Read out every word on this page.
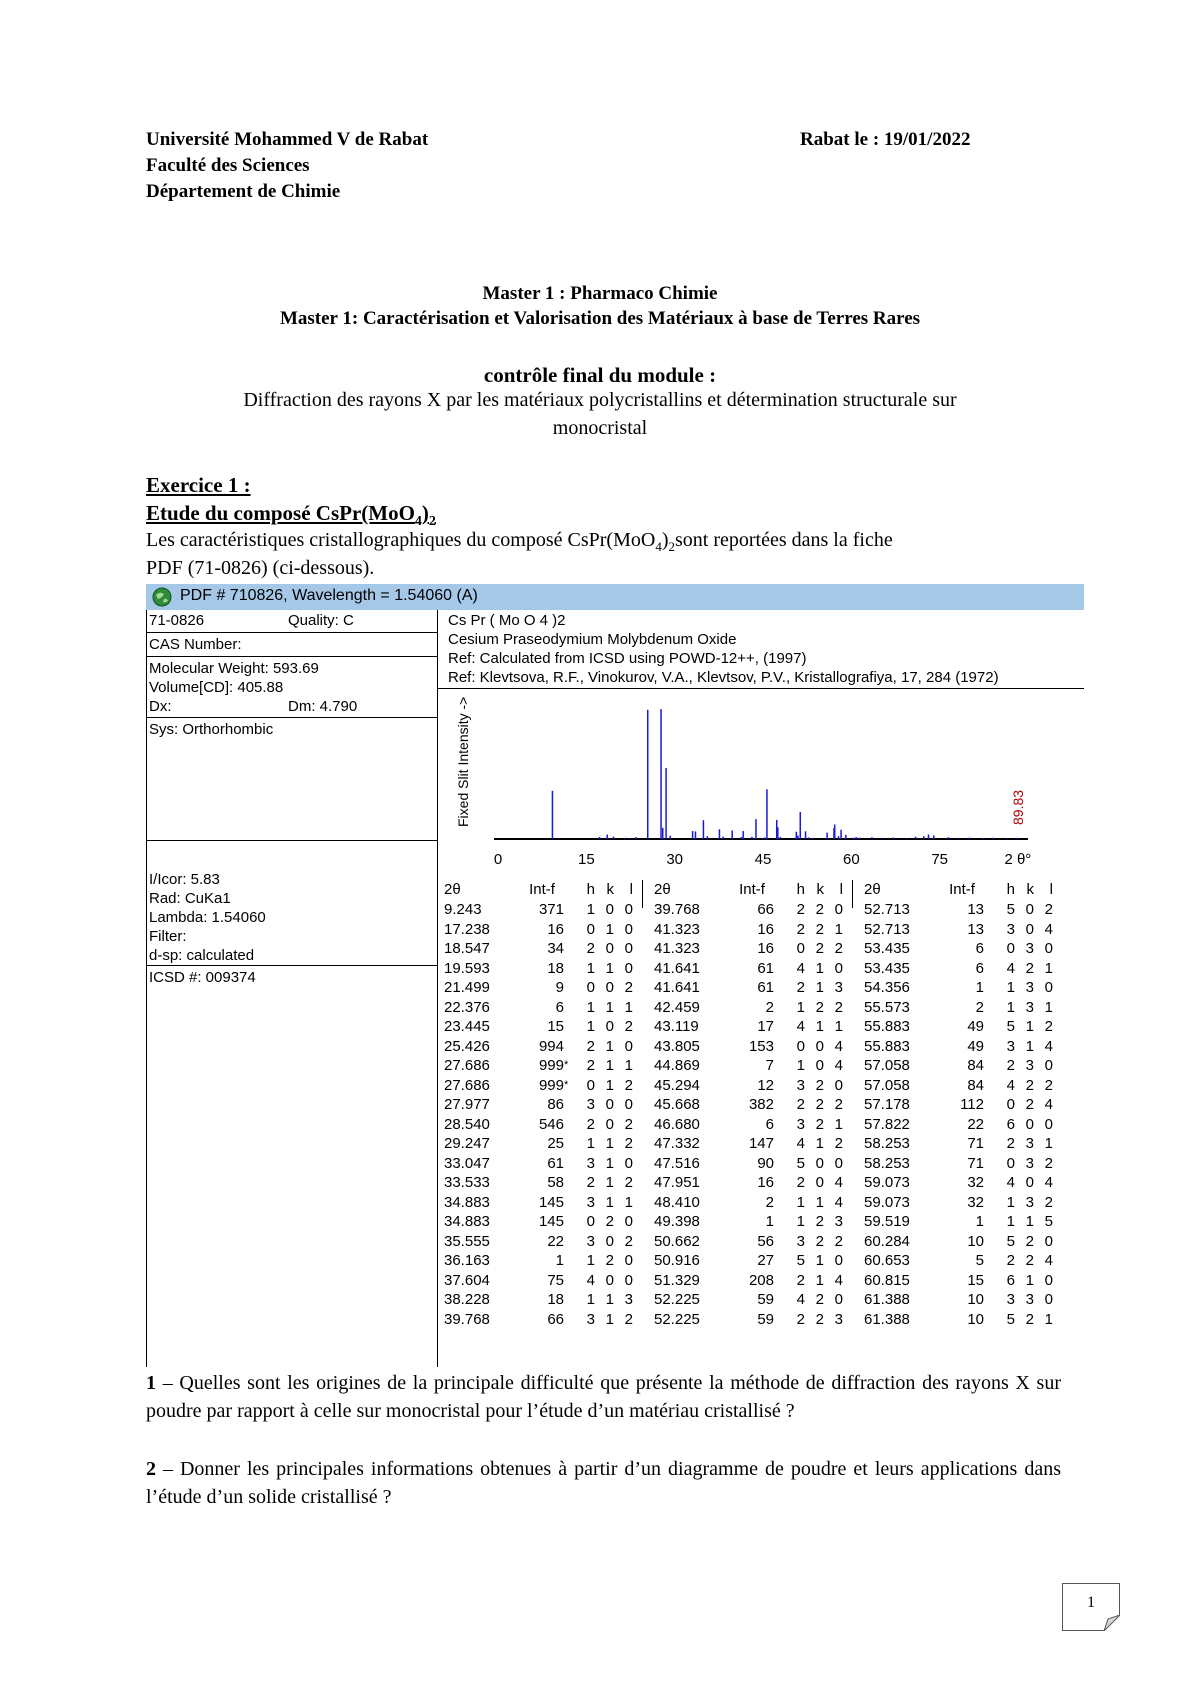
Université Mohammed V de Rabat
Faculté des Sciences
Département de Chimie
Rabat le : 19/01/2022
Master 1 : Pharmaco Chimie
Master 1: Caractérisation et Valorisation des Matériaux à base de Terres Rares
contrôle final du module :
Diffraction des rayons X par les matériaux polycristallins et détermination structurale sur
monocristal
Exercice 1 :
Etude du composé $CsPr(MoO_4)_2$
Les caractéristiques cristallographiques du composé $CsPr(MoO_4)_2sont$ reportées dans la fiche
PDF (71-0826) (ci-dessous).
PDF # 710826, Wavelength = 1.54060 (A)
71-0826	Quality: C
CAS Number:
Molecular Weight: 593.69
Volume[CD]: 405.88
Dx:	Dm: 4.790
Sys: Orthorhombic
I/Icor: 5.83
Rad: CuKa1
Lambda: 1.54060
Filter:
d-sp: calculated
ICSD #: 009374
Cs Pr ( Mo O 4 )2
Cesium Praseodymium Molybdenum Oxide
Ref: Calculated from ICSD using POWD-12++, (1997)
Ref: Klevtsova, R.F., Vinokurov, V.A., Klevtsov, P.V., Kristallografiya, 17, 284 (1972)
0	15	30	45	60	75	2 θ°
Fixed Slit Intensity ->	89.83
2θ	Int-f		h	k	l
9.243	371		1	0	0
17.238	16		0	1	0
18.547	34		2	0	0
19.593	18		1	1	0
21.499	9		0	0	2
22.376	6		1	1	1
23.445	15		1	0	2
25.426	994		2	1	0
27.686	999	*	2	1	1
27.686	999	*	0	1	2
27.977	86		3	0	0
28.540	546		2	0	2
29.247	25		1	1	2
33.047	61		3	1	0
33.533	58		2	1	2
34.883	145		3	1	1
34.883	145		0	2	0
35.555	22		3	0	2
36.163	1		1	2	0
37.604	75		4	0	0
38.228	18		1	1	3
39.768	66		3	1	2
2θ	Int-f		h	k	l
39.768	66		2	2	0
41.323	16		2	2	1
41.323	16		0	2	2
41.641	61		4	1	0
41.641	61		2	1	3
42.459	2		1	2	2
43.119	17		4	1	1
43.805	153		0	0	4
44.869	7		1	0	4
45.294	12		3	2	0
45.668	382		2	2	2
46.680	6		3	2	1
47.332	147		4	1	2
47.516	90		5	0	0
47.951	16		2	0	4
48.410	2		1	1	4
49.398	1		1	2	3
50.662	56		3	2	2
50.916	27		5	1	0
51.329	208		2	1	4
52.225	59		4	2	0
52.225	59		2	2	3
2θ	Int-f		h	k	l
52.713	13		5	0	2
52.713	13		3	0	4
53.435	6		0	3	0
53.435	6		4	2	1
54.356	1		1	3	0
55.573	2		1	3	1
55.883	49		5	1	2
55.883	49		3	1	4
57.058	84		2	3	0
57.058	84		4	2	2
57.178	112		0	2	4
57.822	22		6	0	0
58.253	71		2	3	1
58.253	71		0	3	2
59.073	32		4	0	4
59.073	32		1	3	2
59.519	1		1	1	5
60.284	10		5	2	0
60.653	5		2	2	4
60.815	15		6	1	0
61.388	10		3	3	0
61.388	10		5	2	1
1 – Quelles sont les origines de la principale difficulté que présente la méthode de diffraction des rayons X sur poudre par rapport à celle sur monocristal pour l’étude d’un matériau cristallisé ?
2 – Donner les principales informations obtenues à partir d’un diagramme de poudre et leurs applications dans l’étude d’un solide cristallisé ?
1
